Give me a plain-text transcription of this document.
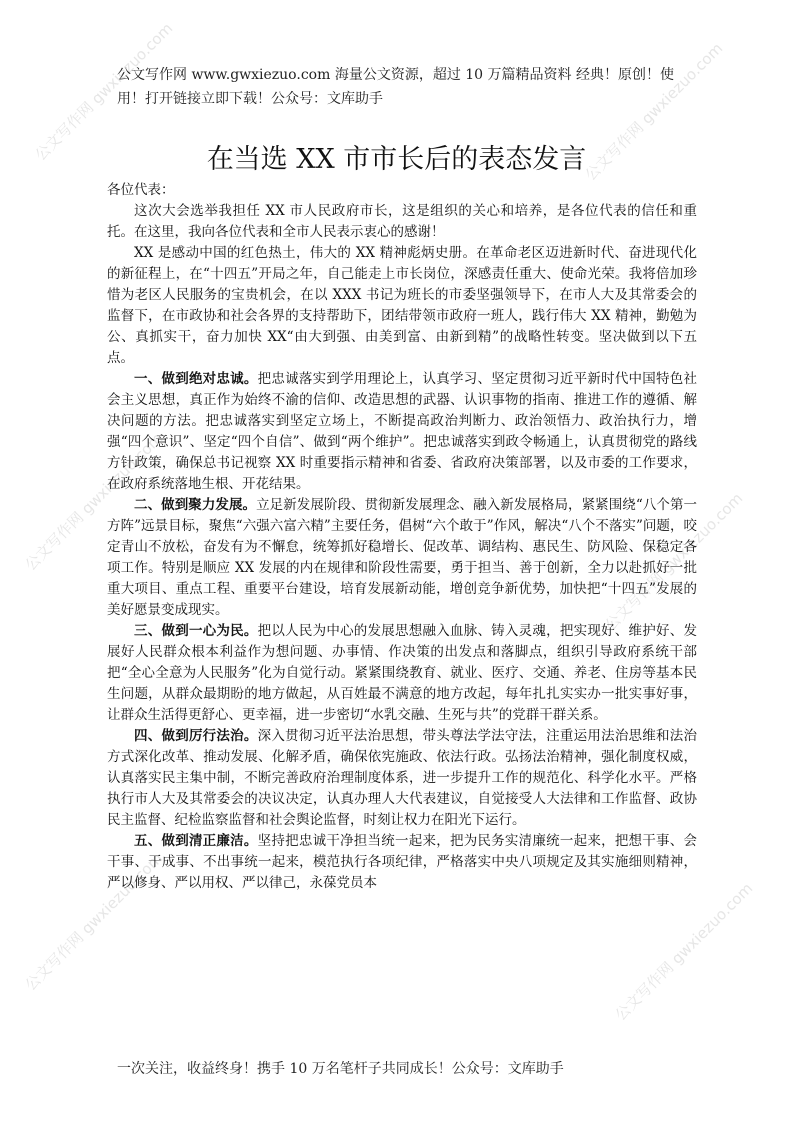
公文写作网 gwxiezuo.com	公文写作网 gwxiezuo.com
公文写作网 gwxiezuo.com	公文写作网 gwxiezuo.com
公文写作网 gwxiezuo.com	公文写作网 gwxiezuo.com
公文写作网 www.gwxiezuo.com 海量公文资源，超过 10 万篇精品资料 经典！原创！使用！打开链接立即下载！公众号：文库助手
在当选 XX 市市长后的表态发言

各位代表：

这次大会选举我担任 XX 市人民政府市长，这是组织的关心和培养，是各位代表的信任和重托。在这里，我向各位代表和全市人民表示衷心的感谢！

XX 是感动中国的红色热土，伟大的 XX 精神彪炳史册。在革命老区迈进新时代、奋进现代化的新征程上，在“十四五”开局之年，自己能走上市长岗位，深感责任重大、使命光荣。我将倍加珍惜为老区人民服务的宝贵机会，在以 XXX 书记为班长的市委坚强领导下，在市人大及其常委会的监督下，在市政协和社会各界的支持帮助下，团结带领市政府一班人，践行伟大 XX 精神，勤勉为公、真抓实干，奋力加快 XX“由大到强、由美到富、由新到精”的战略性转变。坚决做到以下五点。

一、做到绝对忠诚。把忠诚落实到学用理论上，认真学习、坚定贯彻习近平新时代中国特色社会主义思想，真正作为始终不渝的信仰、改造思想的武器、认识事物的指南、推进工作的遵循、解决问题的方法。把忠诚落实到坚定立场上，不断提高政治判断力、政治领悟力、政治执行力，增强“四个意识”、坚定“四个自信”、做到“两个维护”。把忠诚落实到政令畅通上，认真贯彻党的路线方针政策，确保总书记视察 XX 时重要指示精神和省委、省政府决策部署，以及市委的工作要求，在政府系统落地生根、开花结果。

二、做到聚力发展。立足新发展阶段、贯彻新发展理念、融入新发展格局，紧紧围绕“八个第一方阵”远景目标，聚焦“六强六富六精”主要任务，倡树“六个敢于”作风，解决“八个不落实”问题，咬定青山不放松，奋发有为不懈怠，统筹抓好稳增长、促改革、调结构、惠民生、防风险、保稳定各项工作。特别是顺应 XX 发展的内在规律和阶段性需要，勇于担当、善于创新，全力以赴抓好一批重大项目、重点工程、重要平台建设，培育发展新动能，增创竞争新优势，加快把“十四五”发展的美好愿景变成现实。

三、做到一心为民。把以人民为中心的发展思想融入血脉、铸入灵魂，把实现好、维护好、发展好人民群众根本利益作为想问题、办事情、作决策的出发点和落脚点，组织引导政府系统干部把“全心全意为人民服务”化为自觉行动。紧紧围绕教育、就业、医疗、交通、养老、住房等基本民生问题，从群众最期盼的地方做起，从百姓最不满意的地方改起，每年扎扎实实办一批实事好事，让群众生活得更舒心、更幸福，进一步密切“水乳交融、生死与共”的党群干群关系。

四、做到厉行法治。深入贯彻习近平法治思想，带头尊法学法守法，注重运用法治思维和法治方式深化改革、推动发展、化解矛盾，确保依宪施政、依法行政。弘扬法治精神，强化制度权威，认真落实民主集中制，不断完善政府治理制度体系，进一步提升工作的规范化、科学化水平。严格执行市人大及其常委会的决议决定，认真办理人大代表建议，自觉接受人大法律和工作监督、政协民主监督、纪检监察监督和社会舆论监督，时刻让权力在阳光下运行。

五、做到清正廉洁。坚持把忠诚干净担当统一起来，把为民务实清廉统一起来，把想干事、会干事、干成事、不出事统一起来，模范执行各项纪律，严格落实中央八项规定及其实施细则精神，严以修身、严以用权、严以律己，永葆党员本

一次关注，收益终身！携手 10 万名笔杆子共同成长！公众号：文库助手
